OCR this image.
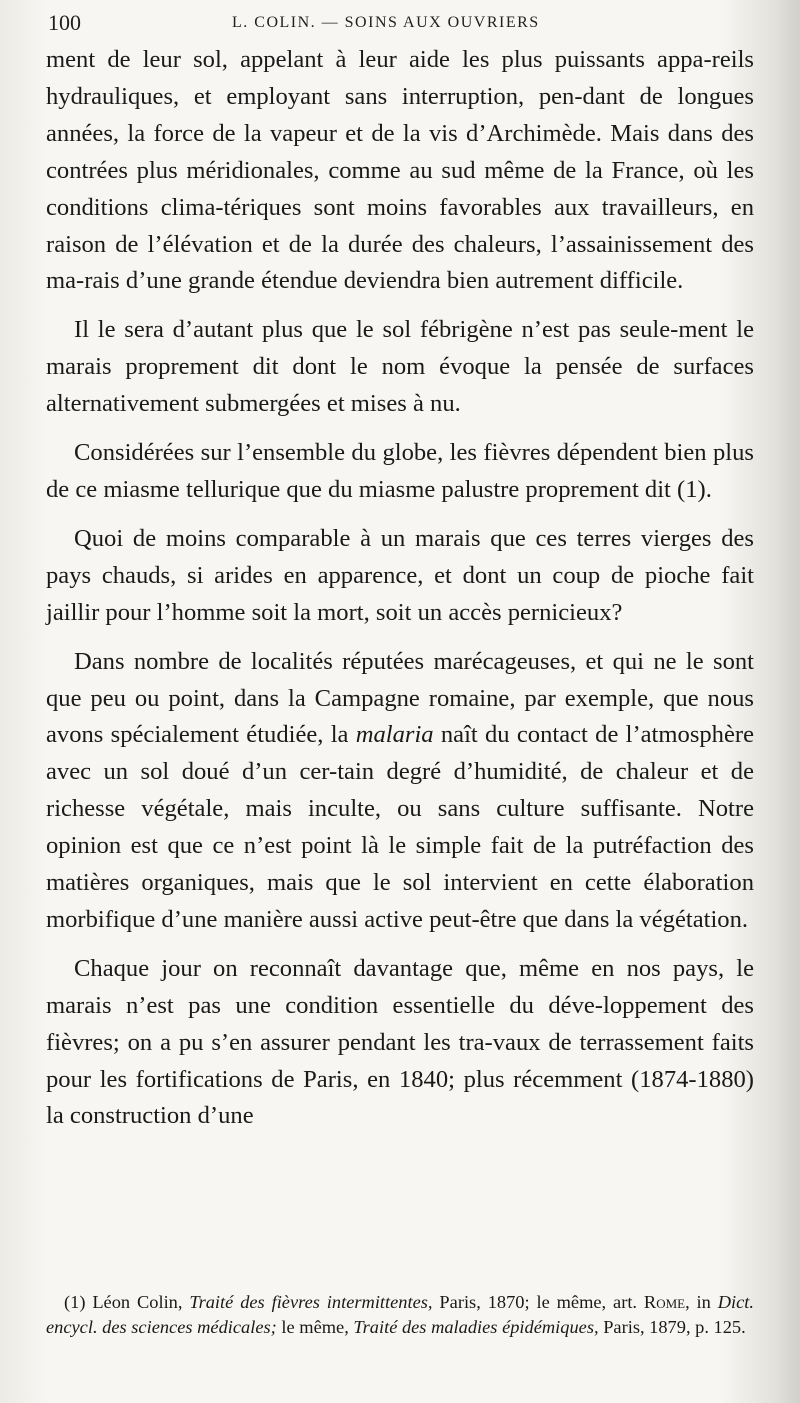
100	L. COLIN. — SOINS AUX OUVRIERS

ment de leur sol, appelant à leur aide les plus puissants appa-reils hydrauliques, et employant sans interruption, pen-dant de longues années, la force de la vapeur et de la vis d’Archimède. Mais dans des contrées plus méridionales, comme au sud même de la France, où les conditions clima-tériques sont moins favorables aux travailleurs, en raison de l’élévation et de la durée des chaleurs, l’assainissement des ma-rais d’une grande étendue deviendra bien autrement difficile.

Il le sera d’autant plus que le sol fébrigène n’est pas seule-ment le marais proprement dit dont le nom évoque la pensée de surfaces alternativement submergées et mises à nu.

Considérées sur l’ensemble du globe, les fièvres dépendent bien plus de ce miasme tellurique que du miasme palustre proprement dit (1).

Quoi de moins comparable à un marais que ces terres vierges des pays chauds, si arides en apparence, et dont un coup de pioche fait jaillir pour l’homme soit la mort, soit un accès pernicieux?

Dans nombre de localités réputées marécageuses, et qui ne le sont que peu ou point, dans la Campagne romaine, par exemple, que nous avons spécialement étudiée, la malaria naît du contact de l’atmosphère avec un sol doué d’un cer-tain degré d’humidité, de chaleur et de richesse végétale, mais inculte, ou sans culture suffisante. Notre opinion est que ce n’est point là le simple fait de la putréfaction des matières organiques, mais que le sol intervient en cette élaboration morbifique d’une manière aussi active peut-être que dans la végétation.

Chaque jour on reconnaît davantage que, même en nos pays, le marais n’est pas une condition essentielle du déve-loppement des fièvres; on a pu s’en assurer pendant les tra-vaux de terrassement faits pour les fortifications de Paris, en 1840; plus récemment (1874-1880) la construction d’une

(1) Léon Colin, Traité des fièvres intermittentes, Paris, 1870; le même, art. Rome, in Dict. encycl. des sciences médicales; le même, Traité des maladies épidémiques, Paris, 1879, p. 125.
